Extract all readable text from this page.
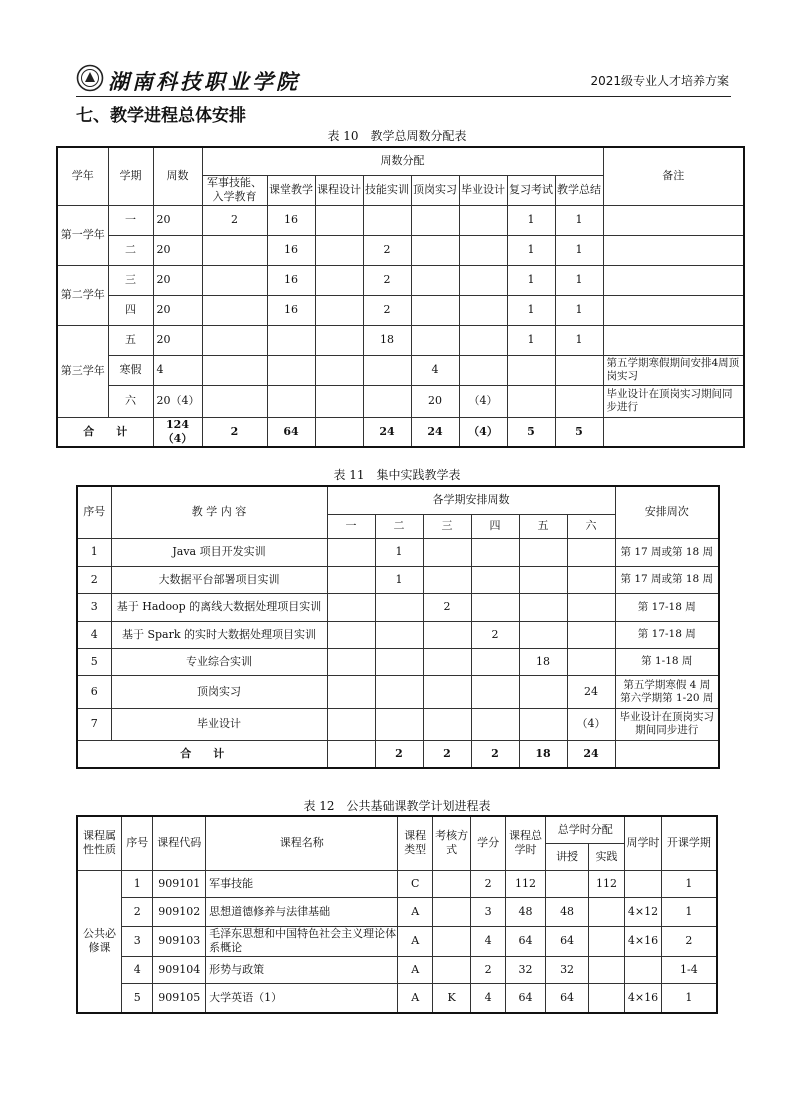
湖南科技职业学院	2021级专业人才培养方案
七、教学进程总体安排
表 10　教学总周数分配表
学年	学期	周数	周数分配								备注
			军事技能、入学教育	课堂教学	课程设计	技能实训	顶岗实习	毕业设计	复习考试	教学总结	
第一学年	一	20	2	16					1	1	
	二	20		16		2			1	1	
第二学年	三	20		16		2			1	1	
	四	20		16		2			1	1	
第三学年	五	20				18			1	1	
	寒假	4					4				第五学期寒假期间安排4周顶岗实习
	六	20（4）					20	（4）			毕业设计在顶岗实习期间同步进行
合　　计		124（4）	2	64		24	24	（4）	5	5	
表 11　集中实践教学表
序号	教 学 内 容	各学期安排周数						安排周次
		一	二	三	四	五	六	
1	Java 项目开发实训		1					第 17 周或第 18 周
2	大数据平台部署项目实训		1					第 17 周或第 18 周
3	基于 Hadoop 的离线大数据处理项目实训			2				第 17-18 周
4	基于 Spark 的实时大数据处理项目实训				2			第 17-18 周
5	专业综合实训					18		第 1-18 周
6	顶岗实习						24	第五学期寒假 4 周 第六学期第 1-20 周
7	毕业设计						（4）	毕业设计在顶岗实习期间同步进行
合　　计			2	2	2	18	24	
表 12　公共基础课教学计划进程表
课程属性性质	序号	课程代码	课程名称	课程类型	考核方式	学分	课程总学时	总学时分配		周学时	开课学期
								讲授	实践		
公共必修课	1	909101	军事技能	C		2	112		112		1
	2	909102	思想道德修养与法律基础	A		3	48	48		4×12	1
	3	909103	毛泽东思想和中国特色社会主义理论体系概论	A		4	64	64		4×16	2
	4	909104	形势与政策	A		2	32	32			1-4
	5	909105	大学英语（1）	A	K	4	64	64		4×16	1
